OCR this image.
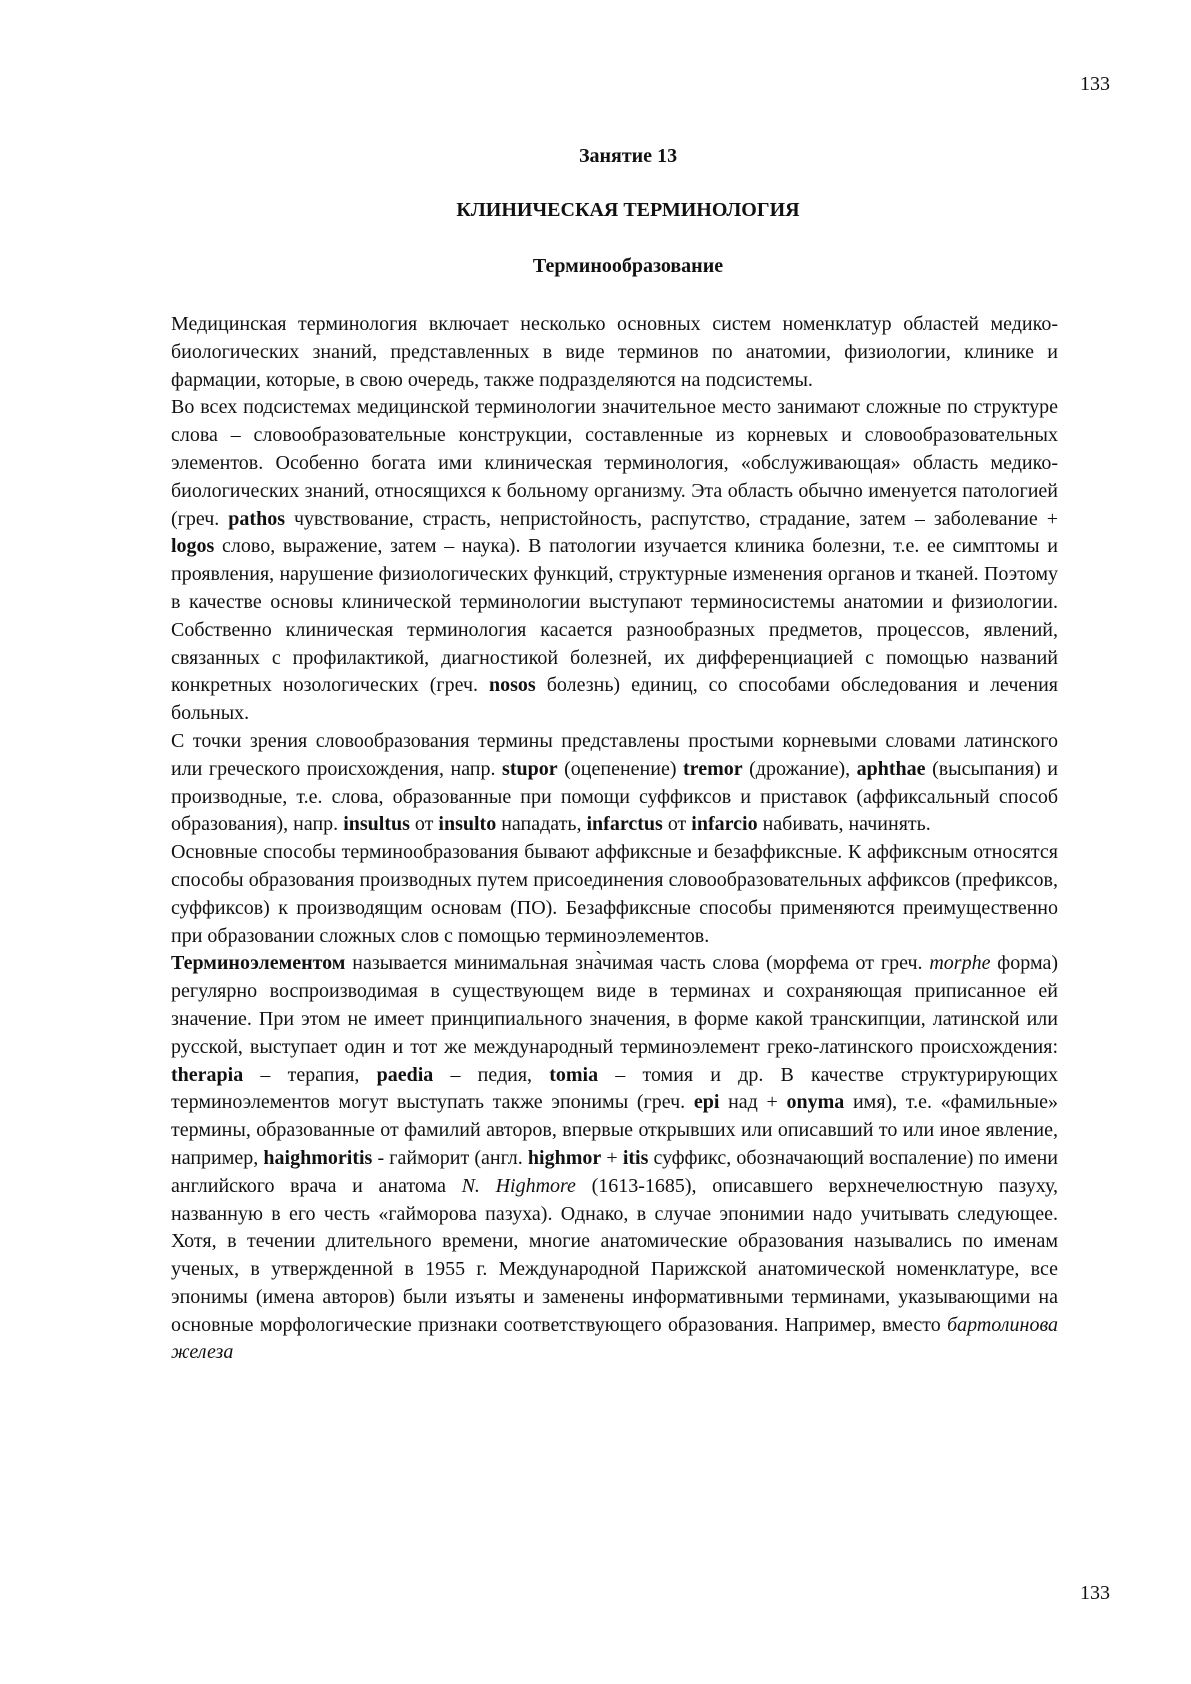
133
Занятие 13
КЛИНИЧЕСКАЯ ТЕРМИНОЛОГИЯ
Терминообразование

Медицинская терминология включает несколько основных систем номенклатур областей медико-биологических знаний, представленных в виде терминов по анатомии, физиологии, клинике и фармации, которые, в свою очередь, также подразделяются на подсистемы.

Во всех подсистемах медицинской терминологии значительное место занимают сложные по структуре слова – словообразовательные конструкции, составленные из корневых и словообразовательных элементов. Особенно богата ими клиническая терминология, «обслуживающая» область медико-биологических знаний, относящихся к больному организму. Эта область обычно именуется патологией (греч. pathos чувствование, страсть, непристойность, распутство, страдание, затем – заболевание + logos слово, выражение, затем – наука). В патологии изучается клиника болезни, т.е. ее симптомы и проявления, нарушение физиологических функций, структурные изменения органов и тканей. Поэтому в качестве основы клинической терминологии выступают терминосистемы анатомии и физиологии. Собственно клиническая терминология касается разнообразных предметов, процессов, явлений, связанных с профилактикой, диагностикой болезней, их дифференциацией с помощью названий конкретных нозологических (греч. nosos болезнь) единиц, со способами обследования и лечения больных.

С точки зрения словообразования термины представлены простыми корневыми словами латинского или греческого происхождения, напр. stupor (оцепенение) tremor (дрожание), aphthae (высыпания) и производные, т.е. слова, образованные при помощи суффиксов и приставок (аффиксальный способ образования), напр. insultus от insulto нападать, infarctus от infarcio набивать, начинять.

Основные способы терминообразования бывают аффиксные и безаффиксные. К аффиксным относятся способы образования производных путем присоединения словообразовательных аффиксов (префиксов, суффиксов) к производящим основам (ПО). Безаффиксные способы применяются преимущественно при образовании сложных слов с помощью терминоэлементов.

Терминоэлементом называется минимальная зна̀чимая часть слова (морфема от греч. morphe форма) регулярно воспроизводимая в существующем виде в терминах и сохраняющая приписанное ей значение. При этом не имеет принципиального значения, в форме какой транскипции, латинской или русской, выступает один и тот же международный терминоэлемент греко-латинского происхождения: therapia – терапия, paedia – педия, tomia – томия и др. В качестве структурирующих терминоэлементов могут выступать также эпонимы (греч. epi над + onyma имя), т.е. «фамильные» термины, образованные от фамилий авторов, впервые открывших или описавший то или иное явление, например, haighmoritis - гайморит (англ. highmor + itis суффикс, обозначающий воспаление) по имени английского врача и анатома N. Highmore (1613-1685), описавшего верхнечелюстную пазуху, названную в его честь «гайморова пазуха). Однако, в случае эпонимии надо учитывать следующее. Хотя, в течении длительного времени, многие анатомические образования назывались по именам ученых, в утвержденной в 1955 г. Международной Парижской анатомической номенклатуре, все эпонимы (имена авторов) были изъяты и заменены информативными терминами, указывающими на основные морфологические признаки соответствующего образования. Например, вместо бартолинова железа

133
